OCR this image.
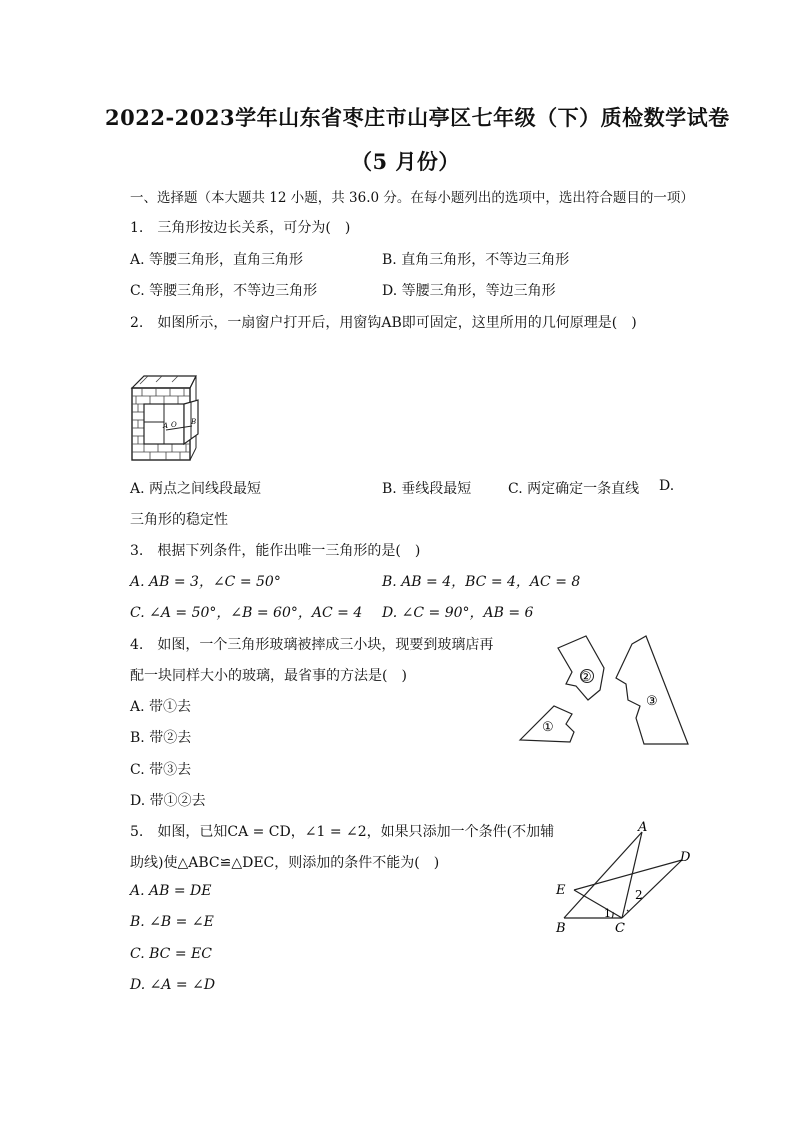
2022-2023学年山东省枣庄市山亭区七年级（下）质检数学试卷
（5 月份）
一、选择题（本大题共 12 小题，共 36.0 分。在每小题列出的选项中，选出符合题目的一项）
1.　三角形按边长关系，可分为(　)
A. 等腰三角形，直角三角形	B. 直角三角形，不等边三角形
C. 等腰三角形，不等边三角形	D. 等腰三角形，等边三角形
2.　如图所示，一扇窗户打开后，用窗钩AB即可固定，这里所用的几何原理是(　)
A O B
A. 两点之间线段最短	B. 垂线段最短	C. 两定确定一条直线 D.
三角形的稳定性
3.　根据下列条件，能作出唯一三角形的是(　)
A. AB = 3，∠C = 50°	B. AB = 4，BC = 4，AC = 8
C. ∠A = 50°，∠B = 60°，AC = 4 D. ∠C = 90°，AB = 6
4.　如图，一个三角形玻璃被摔成三小块，现要到玻璃店再
配一块同样大小的玻璃，最省事的方法是(　)	②
③
①
A. 带①去
B. 带②去
C. 带③去
D. 带①②去
5.　如图，已知CA = CD，∠1 = ∠2，如果只添加一个条件(不加辅
助线)使△ABC≌△DEC，则添加的条件不能为(　)
A
D
E	2
1
B	C
A. AB = DE
B. ∠B = ∠E
C. BC = EC
D. ∠A = ∠D
